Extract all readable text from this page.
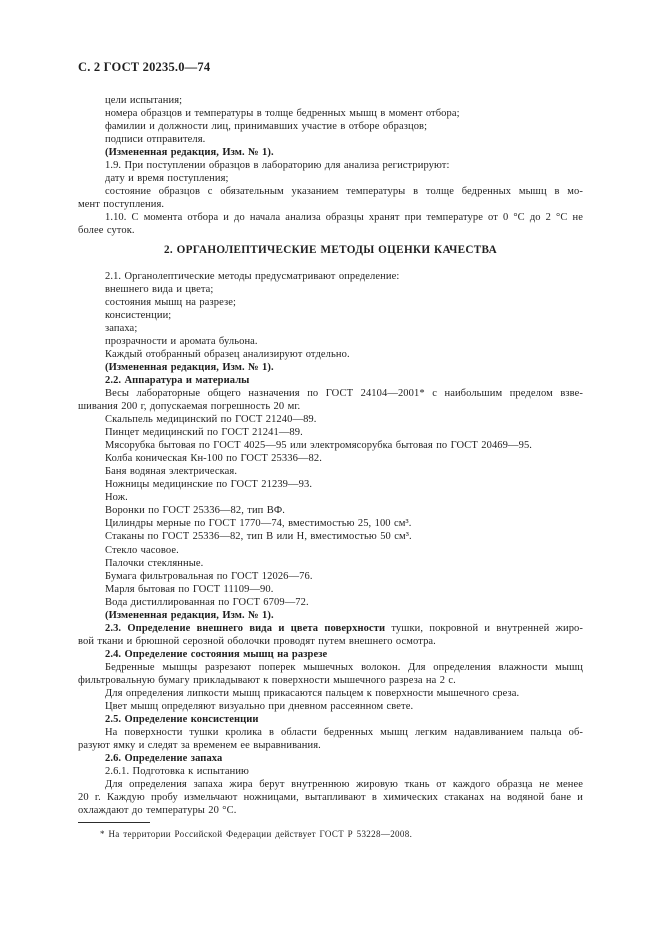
С. 2 ГОСТ 20235.0—74
цели испытания;
номера образцов и температуры в толще бедренных мышц в момент отбора;
фамилии и должности лиц, принимавших участие в отборе образцов;
подписи отправителя.
(Измененная редакция, Изм. № 1).
1.9. При поступлении образцов в лабораторию для анализа регистрируют:
дату и время поступления;
состояние образцов с обязательным указанием температуры в толще бедренных мышц в мо-
мент поступления.
1.10. С момента отбора и до начала анализа образцы хранят при температуре от 0 °С до 2 °С не
более суток.
2. ОРГАНОЛЕПТИЧЕСКИЕ МЕТОДЫ ОЦЕНКИ КАЧЕСТВА
2.1. Органолептические методы предусматривают определение:
внешнего вида и цвета;
состояния мышц на разрезе;
консистенции;
запаха;
прозрачности и аромата бульона.
Каждый отобранный образец анализируют отдельно.
(Измененная редакция, Изм. № 1).
2.2. Аппаратура и материалы
Весы лабораторные общего назначения по ГОСТ 24104—2001* с наибольшим пределом взве-
шивания 200 г, допускаемая погрешность 20 мг.
Скальпель медицинский по ГОСТ 21240—89.
Пинцет медицинский по ГОСТ 21241—89.
Мясорубка бытовая по ГОСТ 4025—95 или электромясорубка бытовая по ГОСТ 20469—95.
Колба коническая Кн-100 по ГОСТ 25336—82.
Баня водяная электрическая.
Ножницы медицинские по ГОСТ 21239—93.
Нож.
Воронки по ГОСТ 25336—82, тип ВФ.
Цилиндры мерные по ГОСТ 1770—74, вместимостью 25, 100 см³.
Стаканы по ГОСТ 25336—82, тип В или Н, вместимостью 50 см³.
Стекло часовое.
Палочки стеклянные.
Бумага фильтровальная по ГОСТ 12026—76.
Марля бытовая по ГОСТ 11109—90.
Вода дистиллированная по ГОСТ 6709—72.
(Измененная редакция, Изм. № 1).
2.3. Определение внешнего вида и цвета поверхности тушки, покровной и внутренней жиро-
вой ткани и брюшной серозной оболочки проводят путем внешнего осмотра.
2.4. Определение состояния мышц на разрезе
Бедренные мышцы разрезают поперек мышечных волокон. Для определения влажности мышц
фильтровальную бумагу прикладывают к поверхности мышечного разреза на 2 с.
Для определения липкости мышц прикасаются пальцем к поверхности мышечного среза.
Цвет мышц определяют визуально при дневном рассеянном свете.
2.5. Определение консистенции
На поверхности тушки кролика в области бедренных мышц легким надавливанием пальца об-
разуют ямку и следят за временем ее выравнивания.
2.6. Определение запаха
2.6.1. Подготовка к испытанию
Для определения запаха жира берут внутреннюю жировую ткань от каждого образца не менее
20 г. Каждую пробу измельчают ножницами, вытапливают в химических стаканах на водяной бане и
охлаждают до температуры 20 °С.
* На территории Российской Федерации действует ГОСТ Р 53228—2008.
